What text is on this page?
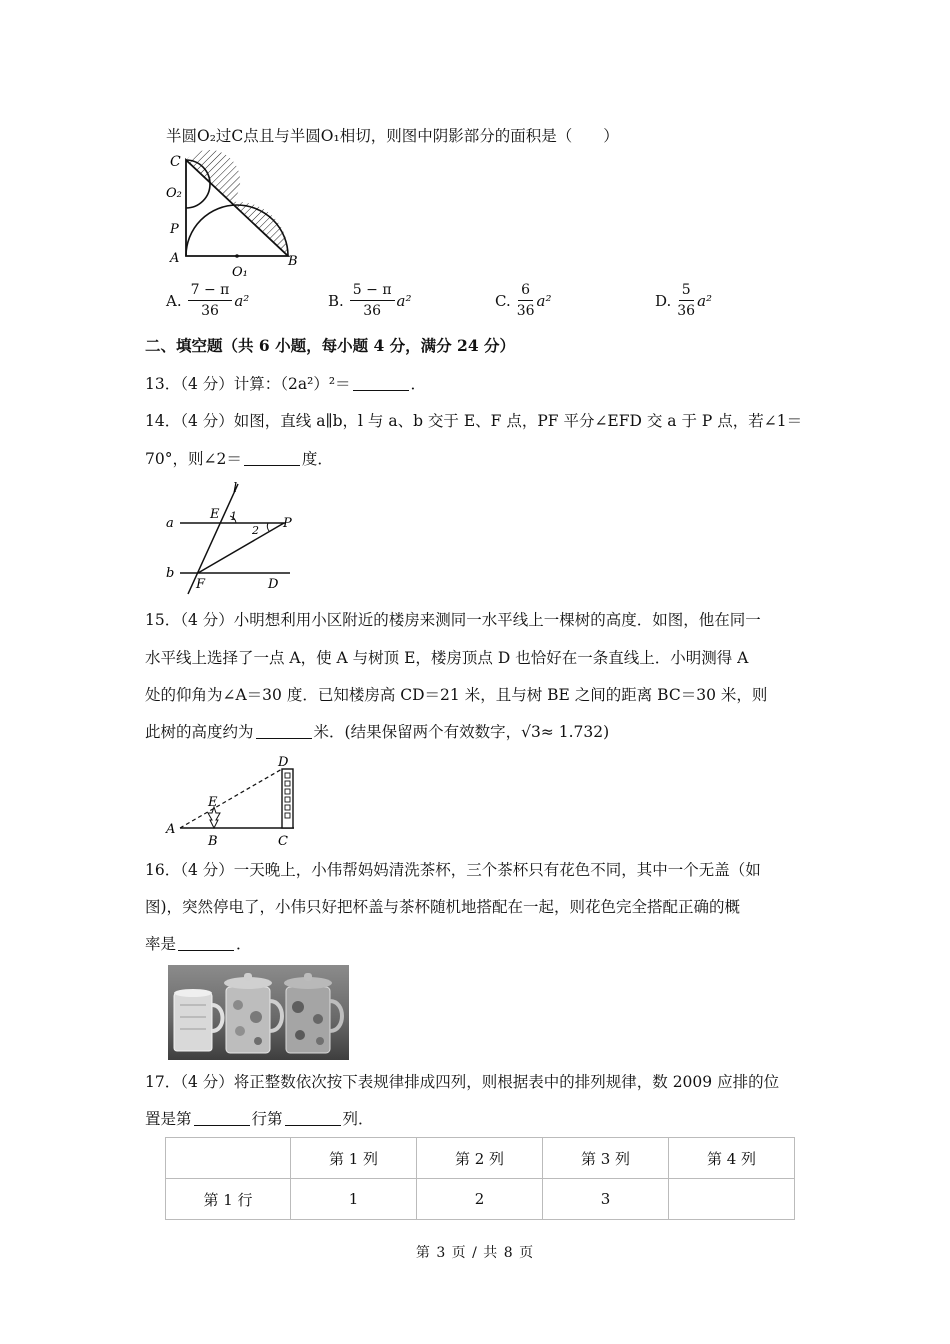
半圆O₂过C点且与半圆O₁相切，则图中阴影部分的面积是（　　）
C
O₂
P
A
O₁
B
A. $\frac{7 - \pi}{36} a^2$	B. $\frac{5 - \pi}{36} a^2$	C. $\frac{6}{36} a^2$	D. $\frac{5}{36} a^2$
二、填空题（共 6 小题，每小题 4 分，满分 24 分）
13．（4 分）计算：（2a²）²＝	．
14．（4 分）如图，直线 a∥b，l 与 a、b 交于 E、F 点，PF 平分∠EFD 交 a 于 P 点，若∠1＝
70°，则∠2＝	度．
l
a
E 1
2 P
b
F	D
15．（4 分）小明想利用小区附近的楼房来测同一水平线上一棵树的高度．如图，他在同一
水平线上选择了一点 A，使 A 与树顶 E，楼房顶点 D 也恰好在一条直线上．小明测得 A
处的仰角为∠A＝30 度．已知楼房高 CD＝21 米，且与树 BE 之间的距离 BC＝30 米，则
此树的高度约为	米．(结果保留两个有效数字，√3≈ 1.732)
D
E
A
B	C
16．（4 分）一天晚上，小伟帮妈妈清洗茶杯，三个茶杯只有花色不同，其中一个无盖（如
图)，突然停电了，小伟只好把杯盖与茶杯随机地搭配在一起，则花色完全搭配正确的概
率是	．
17．（4 分）将正整数依次按下表规律排成四列，则根据表中的排列规律，数 2009 应排的位
置是第	行第	列．
	第 1 列	第 2 列	第 3 列	第 4 列
第 1 行	1	2	3	
第 3 页 / 共 8 页
